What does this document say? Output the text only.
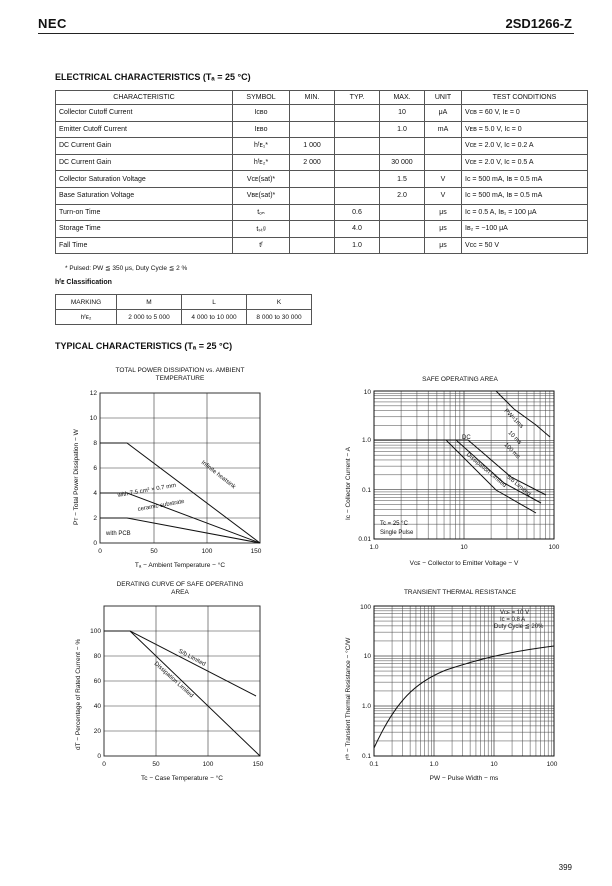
NEC	2SD1266-Z
ELECTRICAL CHARACTERISTICS (Tₐ = 25 °C)
CHARACTERISTIC	SYMBOL	MIN.	TYP.	MAX.	UNIT	TEST CONDITIONS
Collector Cutoff Current	Iᴄʙᴏ			10	μA	Vᴄʙ = 60 V, Iᴇ = 0
Emitter Cutoff Current	Iᴇʙᴏ			1.0	mA	Vᴇʙ = 5.0 V, Iᴄ = 0
DC Current Gain	hᶠᴇ₁*	1 000				Vᴄᴇ = 2.0 V, Iᴄ = 0.2 A
DC Current Gain	hᶠᴇ₂*	2 000		30 000		Vᴄᴇ = 2.0 V, Iᴄ = 0.5 A
Collector Saturation Voltage	Vᴄᴇ(sat)*			1.5	V	Iᴄ = 500 mA, Iʙ = 0.5 mA
Base Saturation Voltage	Vʙᴇ(sat)*			2.0	V	Iᴄ = 500 mA, Iʙ = 0.5 mA
Turn-on Time	tₒₙ		0.6		μs	Iᴄ = 0.5 A, Iʙ₁ = 100 μA
Storage Time	tₛₜᵍ		4.0		μs	Iʙ₂ = −100 μA
Fall Time	tᶠ		1.0		μs	Vᴄᴄ = 50 V
* Pulsed: PW ≦ 350 μs, Duty Cycle ≦ 2 %
hᶠᴇ Classification
MARKING	M	L	K
hᶠᴇ₂	2 000 to 5 000	4 000 to 10 000	8 000 to 30 000
TYPICAL CHARACTERISTICS (Tₐ = 25 °C)
TOTAL POWER DISSIPATION vs. AMBIENT TEMPERATURE
0
2
4
6
8
10
12
0	50	100	150
Tₐ − Ambient Temperature − °C
Pᴛ − Total Power Dissipation − W	Infinite heatsink
with 7.5 cm² × 0.7 mm
ceramic substrate
with PCB
SAFE OPERATING AREA
0.01
0.1
1.0
10
1.0	10	100
Vᴄᴇ − Collector to Emitter Voltage − V
Iᴄ − Collector Current − A
PW=1ms
10 ms
100 ms
DC
Dissipation Limited
S/b Limited
Tc = 25 °C
Single Pulse
DERATING CURVE OF SAFE OPERATING AREA
0
20
40
60
80
100
0	50	100	150
Tc − Case Temperature − °C
dT − Percentage of Rated Current − %	S/b Limited
Dissipation Limited
TRANSIENT THERMAL RESISTANCE
0.1
1.0
10
100
0.1	1.0	10	100
PW − Pulse Width − ms
rᵗʰ − Transient Thermal Resistance − °C/W
Vᴄᴇ = 10 V
Iᴄ = 0.8 A
Duty Cycle ≦ 20%
399
